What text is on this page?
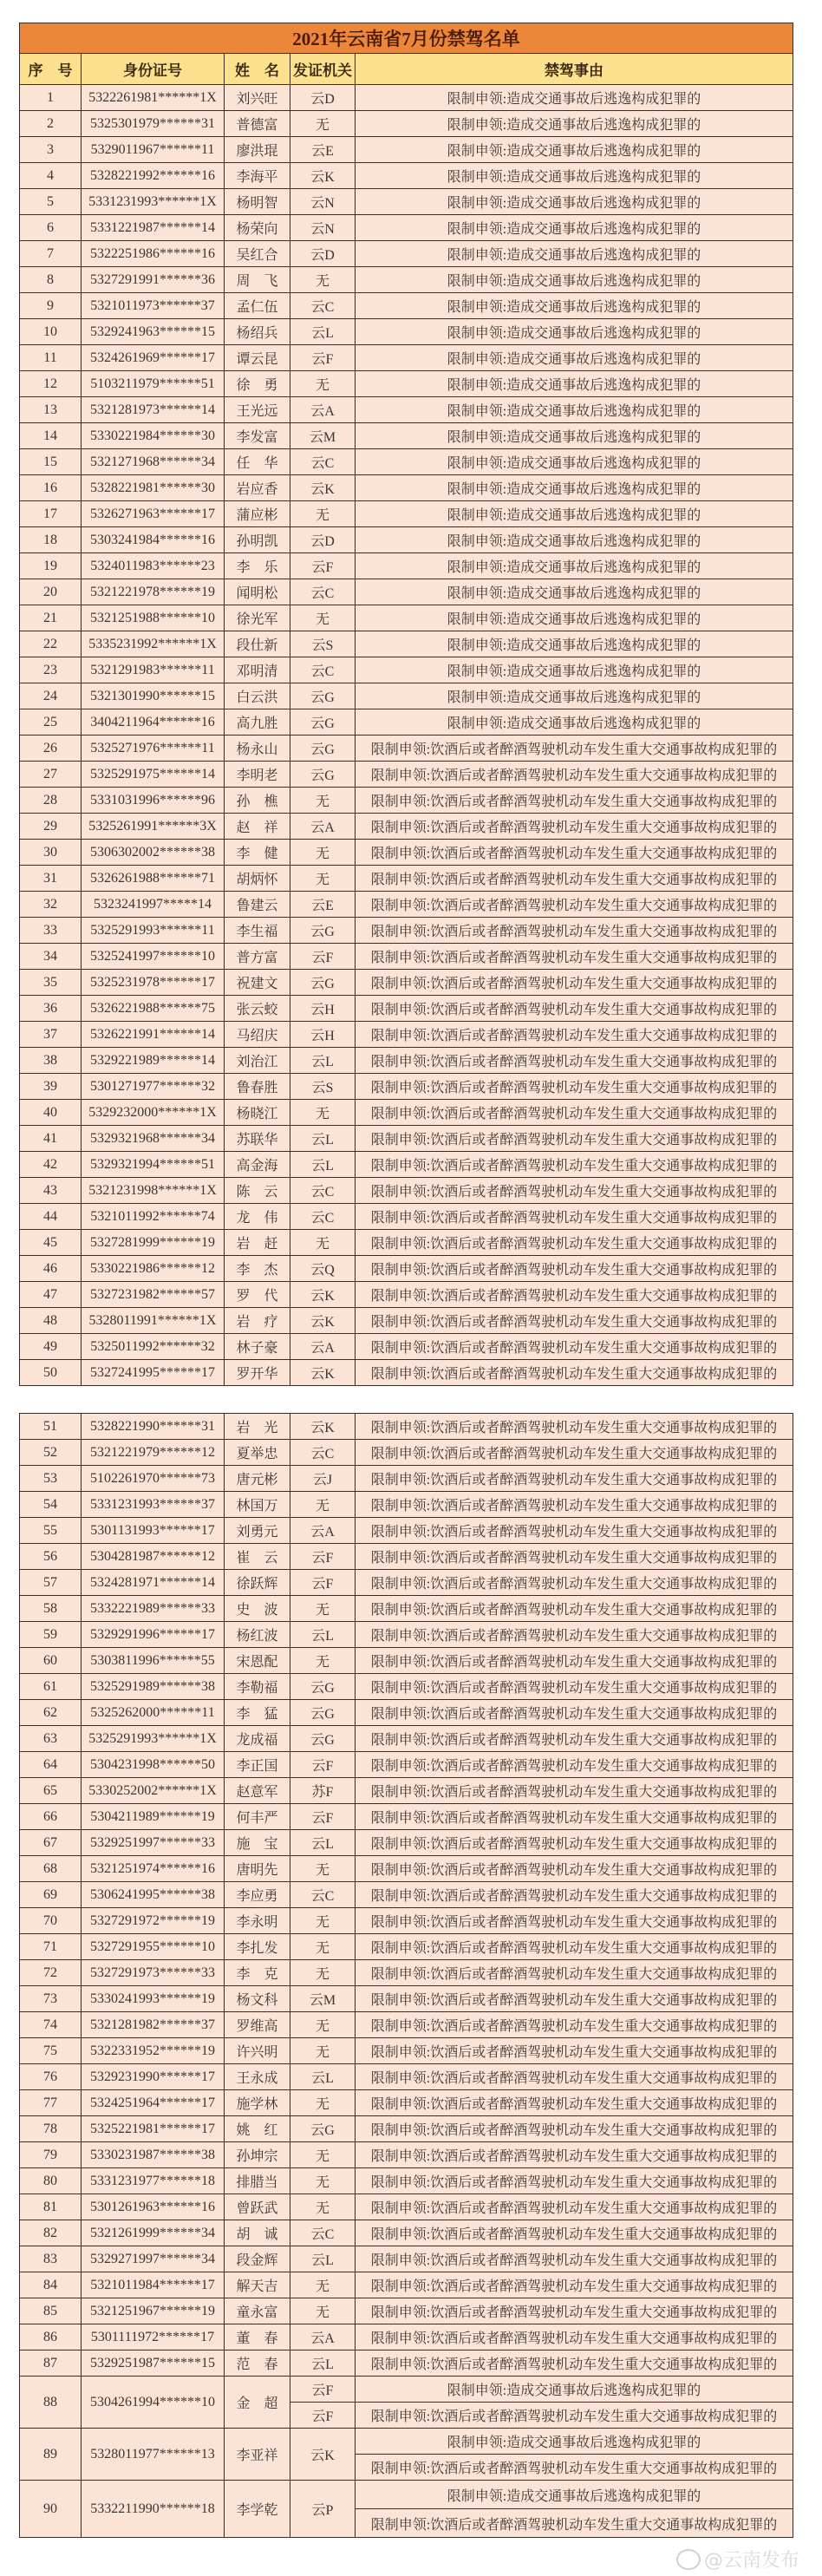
2021年云南省7月份禁驾名单				
序　号	身份证号	姓　名	发证机关	禁驾事由
1	5322261981******1X	刘兴旺	云D	限制申领:造成交通事故后逃逸构成犯罪的
2	5325301979******31	普德富	无	限制申领:造成交通事故后逃逸构成犯罪的
3	5329011967******11	廖洪琨	云E	限制申领:造成交通事故后逃逸构成犯罪的
4	5328221992******16	李海平	云K	限制申领:造成交通事故后逃逸构成犯罪的
5	5331231993******1X	杨明智	云N	限制申领:造成交通事故后逃逸构成犯罪的
6	5331221987******14	杨荣向	云N	限制申领:造成交通事故后逃逸构成犯罪的
7	5322251986******16	吴红合	云D	限制申领:造成交通事故后逃逸构成犯罪的
8	5327291991******36	周　飞	无	限制申领:造成交通事故后逃逸构成犯罪的
9	5321011973******37	孟仁伍	云C	限制申领:造成交通事故后逃逸构成犯罪的
10	5329241963******15	杨绍兵	云L	限制申领:造成交通事故后逃逸构成犯罪的
11	5324261969******17	谭云昆	云F	限制申领:造成交通事故后逃逸构成犯罪的
12	5103211979******51	徐　勇	无	限制申领:造成交通事故后逃逸构成犯罪的
13	5321281973******14	王光远	云A	限制申领:造成交通事故后逃逸构成犯罪的
14	5330221984******30	李发富	云M	限制申领:造成交通事故后逃逸构成犯罪的
15	5321271968******34	任　华	云C	限制申领:造成交通事故后逃逸构成犯罪的
16	5328221981******30	岩应香	云K	限制申领:造成交通事故后逃逸构成犯罪的
17	5326271963******17	蒲应彬	无	限制申领:造成交通事故后逃逸构成犯罪的
18	5303241984******16	孙明凯	云D	限制申领:造成交通事故后逃逸构成犯罪的
19	5324011983******23	李　乐	云F	限制申领:造成交通事故后逃逸构成犯罪的
20	5321221978******19	闻明松	云C	限制申领:造成交通事故后逃逸构成犯罪的
21	5321251988******10	徐光军	无	限制申领:造成交通事故后逃逸构成犯罪的
22	5335231992******1X	段仕新	云S	限制申领:造成交通事故后逃逸构成犯罪的
23	5321291983******11	邓明清	云C	限制申领:造成交通事故后逃逸构成犯罪的
24	5321301990******15	白云洪	云G	限制申领:造成交通事故后逃逸构成犯罪的
25	3404211964******16	高九胜	云G	限制申领:造成交通事故后逃逸构成犯罪的
26	5325271976******11	杨永山	云G	限制申领:饮酒后或者醉酒驾驶机动车发生重大交通事故构成犯罪的
27	5325291975******14	李明老	云G	限制申领:饮酒后或者醉酒驾驶机动车发生重大交通事故构成犯罪的
28	5331031996******96	孙　樵	无	限制申领:饮酒后或者醉酒驾驶机动车发生重大交通事故构成犯罪的
29	5325261991******3X	赵　祥	云A	限制申领:饮酒后或者醉酒驾驶机动车发生重大交通事故构成犯罪的
30	5306302002******38	李　健	无	限制申领:饮酒后或者醉酒驾驶机动车发生重大交通事故构成犯罪的
31	5326261988******71	胡炳怀	无	限制申领:饮酒后或者醉酒驾驶机动车发生重大交通事故构成犯罪的
32	5323241997*****14	鲁建云	云E	限制申领:饮酒后或者醉酒驾驶机动车发生重大交通事故构成犯罪的
33	5325291993******11	李生福	云G	限制申领:饮酒后或者醉酒驾驶机动车发生重大交通事故构成犯罪的
34	5325241997******10	普方富	云F	限制申领:饮酒后或者醉酒驾驶机动车发生重大交通事故构成犯罪的
35	5325231978******17	祝建文	云G	限制申领:饮酒后或者醉酒驾驶机动车发生重大交通事故构成犯罪的
36	5326221988******75	张云蛟	云H	限制申领:饮酒后或者醉酒驾驶机动车发生重大交通事故构成犯罪的
37	5326221991******14	马绍庆	云H	限制申领:饮酒后或者醉酒驾驶机动车发生重大交通事故构成犯罪的
38	5329221989******14	刘治江	云L	限制申领:饮酒后或者醉酒驾驶机动车发生重大交通事故构成犯罪的
39	5301271977******32	鲁春胜	云S	限制申领:饮酒后或者醉酒驾驶机动车发生重大交通事故构成犯罪的
40	5329232000******1X	杨晓江	无	限制申领:饮酒后或者醉酒驾驶机动车发生重大交通事故构成犯罪的
41	5329321968******34	苏联华	云L	限制申领:饮酒后或者醉酒驾驶机动车发生重大交通事故构成犯罪的
42	5329321994******51	高金海	云L	限制申领:饮酒后或者醉酒驾驶机动车发生重大交通事故构成犯罪的
43	5321231998******1X	陈　云	云C	限制申领:饮酒后或者醉酒驾驶机动车发生重大交通事故构成犯罪的
44	5321011992******74	龙　伟	云C	限制申领:饮酒后或者醉酒驾驶机动车发生重大交通事故构成犯罪的
45	5327281999******19	岩　赶	无	限制申领:饮酒后或者醉酒驾驶机动车发生重大交通事故构成犯罪的
46	5330221986******12	李　杰	云Q	限制申领:饮酒后或者醉酒驾驶机动车发生重大交通事故构成犯罪的
47	5327231982******57	罗　代	云K	限制申领:饮酒后或者醉酒驾驶机动车发生重大交通事故构成犯罪的
48	5328011991******1X	岩　疗	云K	限制申领:饮酒后或者醉酒驾驶机动车发生重大交通事故构成犯罪的
49	5325011992******32	林子豪	云A	限制申领:饮酒后或者醉酒驾驶机动车发生重大交通事故构成犯罪的
50	5327241995******17	罗开华	云K	限制申领:饮酒后或者醉酒驾驶机动车发生重大交通事故构成犯罪的
51	5328221990******31	岩　光	云K	限制申领:饮酒后或者醉酒驾驶机动车发生重大交通事故构成犯罪的
52	5321221979******12	夏举忠	云C	限制申领:饮酒后或者醉酒驾驶机动车发生重大交通事故构成犯罪的
53	5102261970******73	唐元彬	云J	限制申领:饮酒后或者醉酒驾驶机动车发生重大交通事故构成犯罪的
54	5331231993******37	林国万	无	限制申领:饮酒后或者醉酒驾驶机动车发生重大交通事故构成犯罪的
55	5301131993******17	刘勇元	云A	限制申领:饮酒后或者醉酒驾驶机动车发生重大交通事故构成犯罪的
56	5304281987******12	崔　云	云F	限制申领:饮酒后或者醉酒驾驶机动车发生重大交通事故构成犯罪的
57	5324281971******14	徐跃辉	云F	限制申领:饮酒后或者醉酒驾驶机动车发生重大交通事故构成犯罪的
58	5332221989******33	史　波	无	限制申领:饮酒后或者醉酒驾驶机动车发生重大交通事故构成犯罪的
59	5329291996******17	杨红波	云L	限制申领:饮酒后或者醉酒驾驶机动车发生重大交通事故构成犯罪的
60	5303811996******55	宋恩配	无	限制申领:饮酒后或者醉酒驾驶机动车发生重大交通事故构成犯罪的
61	5325291989******38	李勒福	云G	限制申领:饮酒后或者醉酒驾驶机动车发生重大交通事故构成犯罪的
62	5325262000******11	李　猛	云G	限制申领:饮酒后或者醉酒驾驶机动车发生重大交通事故构成犯罪的
63	5325291993******1X	龙成福	云G	限制申领:饮酒后或者醉酒驾驶机动车发生重大交通事故构成犯罪的
64	5304231998******50	李正国	云F	限制申领:饮酒后或者醉酒驾驶机动车发生重大交通事故构成犯罪的
65	5330252002******1X	赵意军	苏F	限制申领:饮酒后或者醉酒驾驶机动车发生重大交通事故构成犯罪的
66	5304211989******19	何丰严	云F	限制申领:饮酒后或者醉酒驾驶机动车发生重大交通事故构成犯罪的
67	5329251997******33	施　宝	云L	限制申领:饮酒后或者醉酒驾驶机动车发生重大交通事故构成犯罪的
68	5321251974******16	唐明先	无	限制申领:饮酒后或者醉酒驾驶机动车发生重大交通事故构成犯罪的
69	5306241995******38	李应勇	云C	限制申领:饮酒后或者醉酒驾驶机动车发生重大交通事故构成犯罪的
70	5327291972******19	李永明	无	限制申领:饮酒后或者醉酒驾驶机动车发生重大交通事故构成犯罪的
71	5327291955******10	李扎发	无	限制申领:饮酒后或者醉酒驾驶机动车发生重大交通事故构成犯罪的
72	5327291973******33	李　克	无	限制申领:饮酒后或者醉酒驾驶机动车发生重大交通事故构成犯罪的
73	5330241993******19	杨文科	云M	限制申领:饮酒后或者醉酒驾驶机动车发生重大交通事故构成犯罪的
74	5321281982******37	罗维高	无	限制申领:饮酒后或者醉酒驾驶机动车发生重大交通事故构成犯罪的
75	5322331952******19	许兴明	无	限制申领:饮酒后或者醉酒驾驶机动车发生重大交通事故构成犯罪的
76	5329231990******17	王永成	云L	限制申领:饮酒后或者醉酒驾驶机动车发生重大交通事故构成犯罪的
77	5324251964******17	施学林	无	限制申领:饮酒后或者醉酒驾驶机动车发生重大交通事故构成犯罪的
78	5325221981******17	姚　红	云G	限制申领:饮酒后或者醉酒驾驶机动车发生重大交通事故构成犯罪的
79	5330231987******38	孙坤宗	无	限制申领:饮酒后或者醉酒驾驶机动车发生重大交通事故构成犯罪的
80	5331231977******18	排腊当	无	限制申领:饮酒后或者醉酒驾驶机动车发生重大交通事故构成犯罪的
81	5301261963******16	曾跃武	无	限制申领:饮酒后或者醉酒驾驶机动车发生重大交通事故构成犯罪的
82	5321261999******34	胡　诚	云C	限制申领:饮酒后或者醉酒驾驶机动车发生重大交通事故构成犯罪的
83	5329271997******34	段金辉	云L	限制申领:饮酒后或者醉酒驾驶机动车发生重大交通事故构成犯罪的
84	5321011984******17	解天吉	无	限制申领:饮酒后或者醉酒驾驶机动车发生重大交通事故构成犯罪的
85	5321251967******19	童永富	无	限制申领:饮酒后或者醉酒驾驶机动车发生重大交通事故构成犯罪的
86	5301111972******17	董　春	云A	限制申领:饮酒后或者醉酒驾驶机动车发生重大交通事故构成犯罪的
87	5329251987******15	范　春	云L	限制申领:饮酒后或者醉酒驾驶机动车发生重大交通事故构成犯罪的
88	5304261994******10	金　超	云F	限制申领:造成交通事故后逃逸构成犯罪的
			云F	限制申领:饮酒后或者醉酒驾驶机动车发生重大交通事故构成犯罪的
89	5328011977******13	李亚祥	云K	限制申领:造成交通事故后逃逸构成犯罪的
				限制申领:饮酒后或者醉酒驾驶机动车发生重大交通事故构成犯罪的
90	5332211990******18	李学乾	云P	限制申领:造成交通事故后逃逸构成犯罪的
				限制申领:饮酒后或者醉酒驾驶机动车发生重大交通事故构成犯罪的
@云南发布
